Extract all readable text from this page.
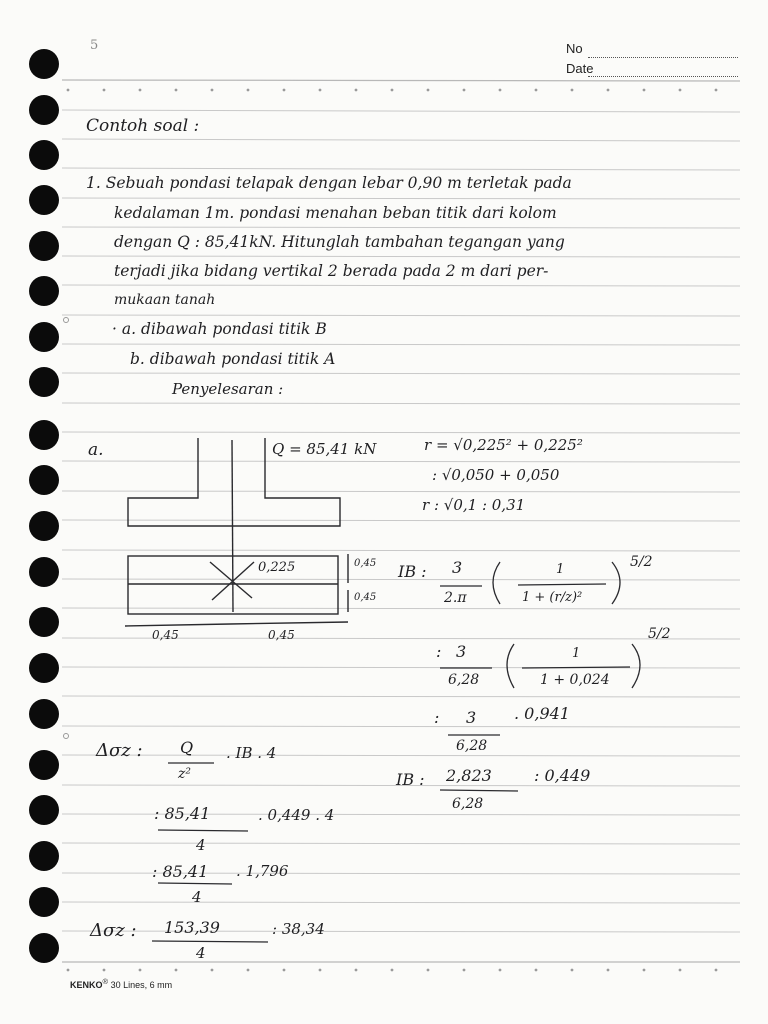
5	No
Date
Contoh soal :
1. Sebuah pondasi telapak dengan lebar 0,90 m terletak pada
kedalaman 1m. pondasi menahan beban titik dari kolom
dengan Q : 85,41kN. Hitunglah tambahan tegangan yang
terjadi jika bidang vertikal 2 berada pada 2 m dari per-
mukaan tanah
· a. dibawah pondasi titik B
b. dibawah pondasi titik A
Penyelesaran :
a.	Q = 85,41 kN	r = √0,225² + 0,225²
: √0,050 + 0,050
r : √0,1 : 0,31
0,225	0,45
0,45
0,45	0,45
IB : 3
2.π
1
1 + (r/z)²
5/2
: 3
6,28
1
1 + 0,024
5/2
: 3
6,28
. 0,941
IB : 2,823
6,28
: 0,449
Δσz : Q
z²
. IB . 4
: 85,41
4
. 0,449 . 4
: 85,41
4
. 1,796
Δσz : 153,39
4
: 38,34
KENKO® 30 Lines, 6 mm
